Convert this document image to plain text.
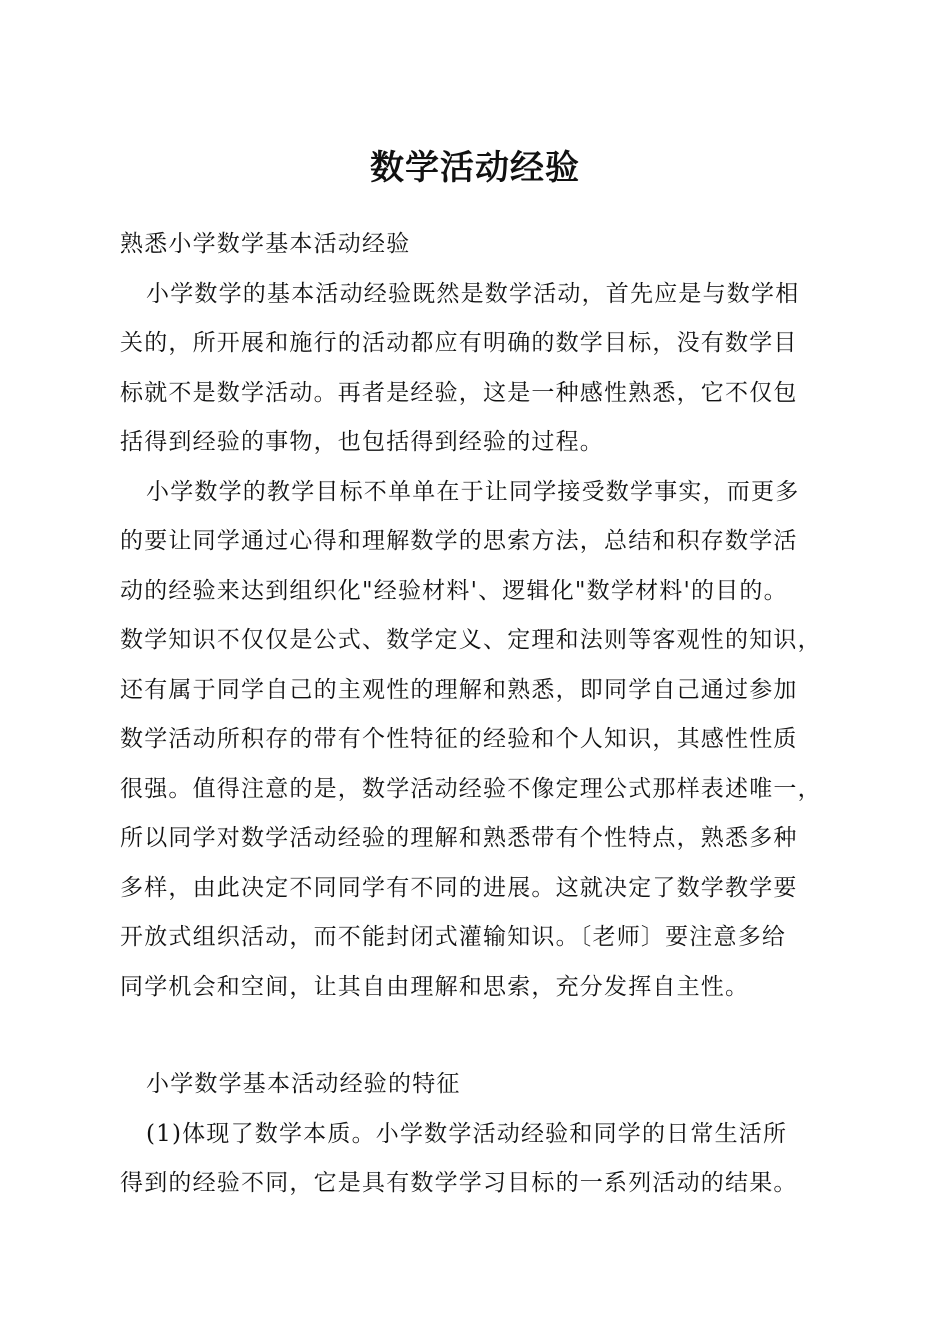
数学活动经验

熟悉小学数学基本活动经验

小学数学的基本活动经验既然是数学活动，首先应是与数学相

关的，所开展和施行的活动都应有明确的数学目标，没有数学目

标就不是数学活动。再者是经验，这是一种感性熟悉，它不仅包

括得到经验的事物，也包括得到经验的过程。

小学数学的教学目标不单单在于让同学接受数学事实，而更多

的要让同学通过心得和理解数学的思索方法，总结和积存数学活

动的经验来达到组织化"经验材料'、逻辑化"数学材料'的目的。

数学知识不仅仅是公式、数学定义、定理和法则等客观性的知识，

还有属于同学自己的主观性的理解和熟悉，即同学自己通过参加

数学活动所积存的带有个性特征的经验和个人知识，其感性性质

很强。值得注意的是，数学活动经验不像定理公式那样表述唯一，

所以同学对数学活动经验的理解和熟悉带有个性特点，熟悉多种

多样，由此决定不同同学有不同的进展。这就决定了数学教学要

开放式组织活动，而不能封闭式灌输知识。〔老师〕要注意多给

同学机会和空间，让其自由理解和思索，充分发挥自主性。

小学数学基本活动经验的特征

(1)体现了数学本质。小学数学活动经验和同学的日常生活所

得到的经验不同，它是具有数学学习目标的一系列活动的结果。
